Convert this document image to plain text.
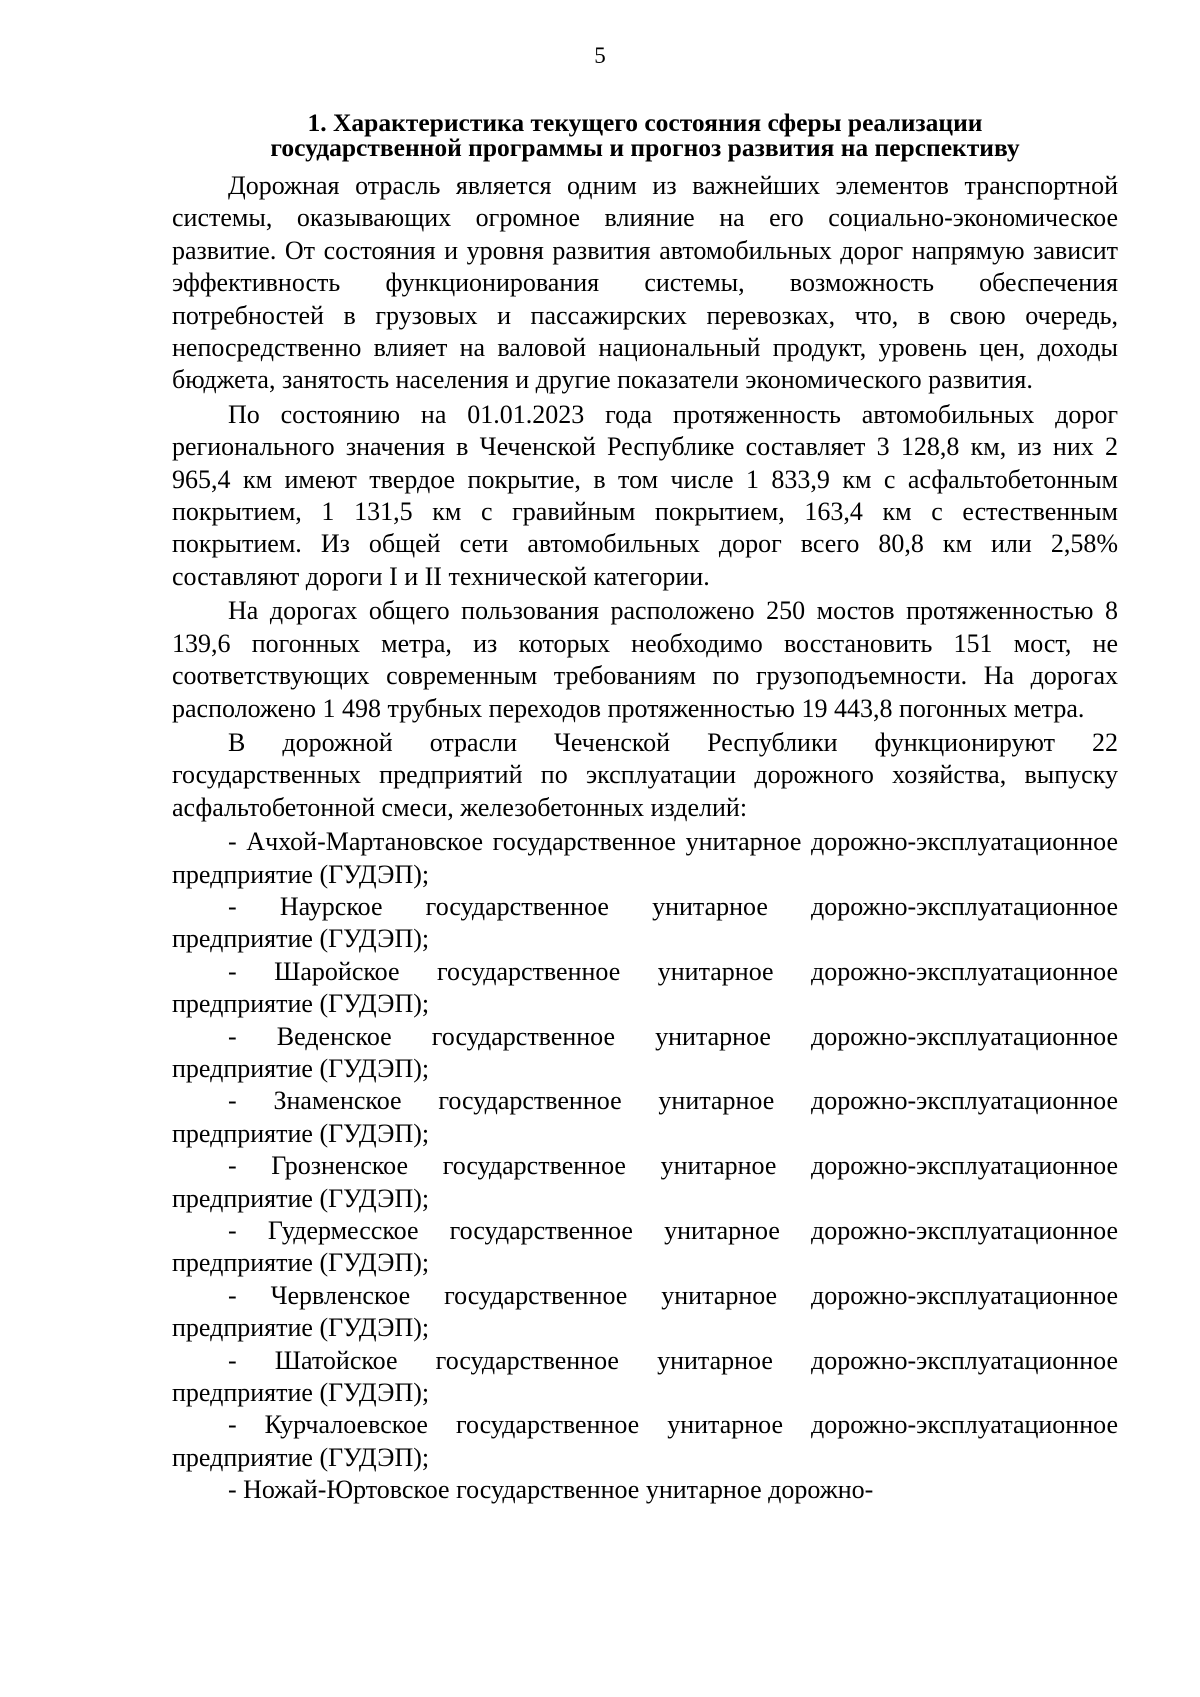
5
1. Характеристика текущего состояния сферы реализации
государственной программы и прогноз развития на перспективу

Дорожная отрасль является одним из важнейших элементов транспортной системы, оказывающих огромное влияние на его социально-экономическое развитие. От состояния и уровня развития автомобильных дорог напрямую зависит эффективность функционирования системы, возможность обеспечения потребностей в грузовых и пассажирских перевозках, что, в свою очередь, непосредственно влияет на валовой национальный продукт, уровень цен, доходы бюджета, занятость населения и другие показатели экономического развития.

По состоянию на 01.01.2023 года протяженность автомобильных дорог регионального значения в Чеченской Республике составляет 3 128,8 км, из них 2 965,4 км имеют твердое покрытие, в том числе 1 833,9 км с асфальтобетонным покрытием, 1 131,5 км с гравийным покрытием, 163,4 км с естественным покрытием. Из общей сети автомобильных дорог всего 80,8 км или 2,58% составляют дороги I и II технической категории.

На дорогах общего пользования расположено 250 мостов протяженностью 8 139,6 погонных метра, из которых необходимо восстановить 151 мост, не соответствующих современным требованиям по грузоподъемности. На дорогах расположено 1 498 трубных переходов протяженностью 19 443,8 погонных метра.

В дорожной отрасли Чеченской Республики функционируют 22 государственных предприятий по эксплуатации дорожного хозяйства, выпуску асфальтобетонной смеси, железобетонных изделий:

- Ачхой-Мартановское государственное унитарное дорожно-эксплуатационное предприятие (ГУДЭП);

- Наурское государственное унитарное дорожно-эксплуатационное предприятие (ГУДЭП);

- Шаройское государственное унитарное дорожно-эксплуатационное предприятие (ГУДЭП);

- Веденское государственное унитарное дорожно-эксплуатационное предприятие (ГУДЭП);

- Знаменское государственное унитарное дорожно-эксплуатационное предприятие (ГУДЭП);

- Грозненское государственное унитарное дорожно-эксплуатационное предприятие (ГУДЭП);

- Гудермесское государственное унитарное дорожно-эксплуатационное предприятие (ГУДЭП);

- Червленское государственное унитарное дорожно-эксплуатационное предприятие (ГУДЭП);

- Шатойское государственное унитарное дорожно-эксплуатационное предприятие (ГУДЭП);

- Курчалоевское государственное унитарное дорожно-эксплуатационное предприятие (ГУДЭП);

- Ножай-Юртовское государственное унитарное дорожно-
